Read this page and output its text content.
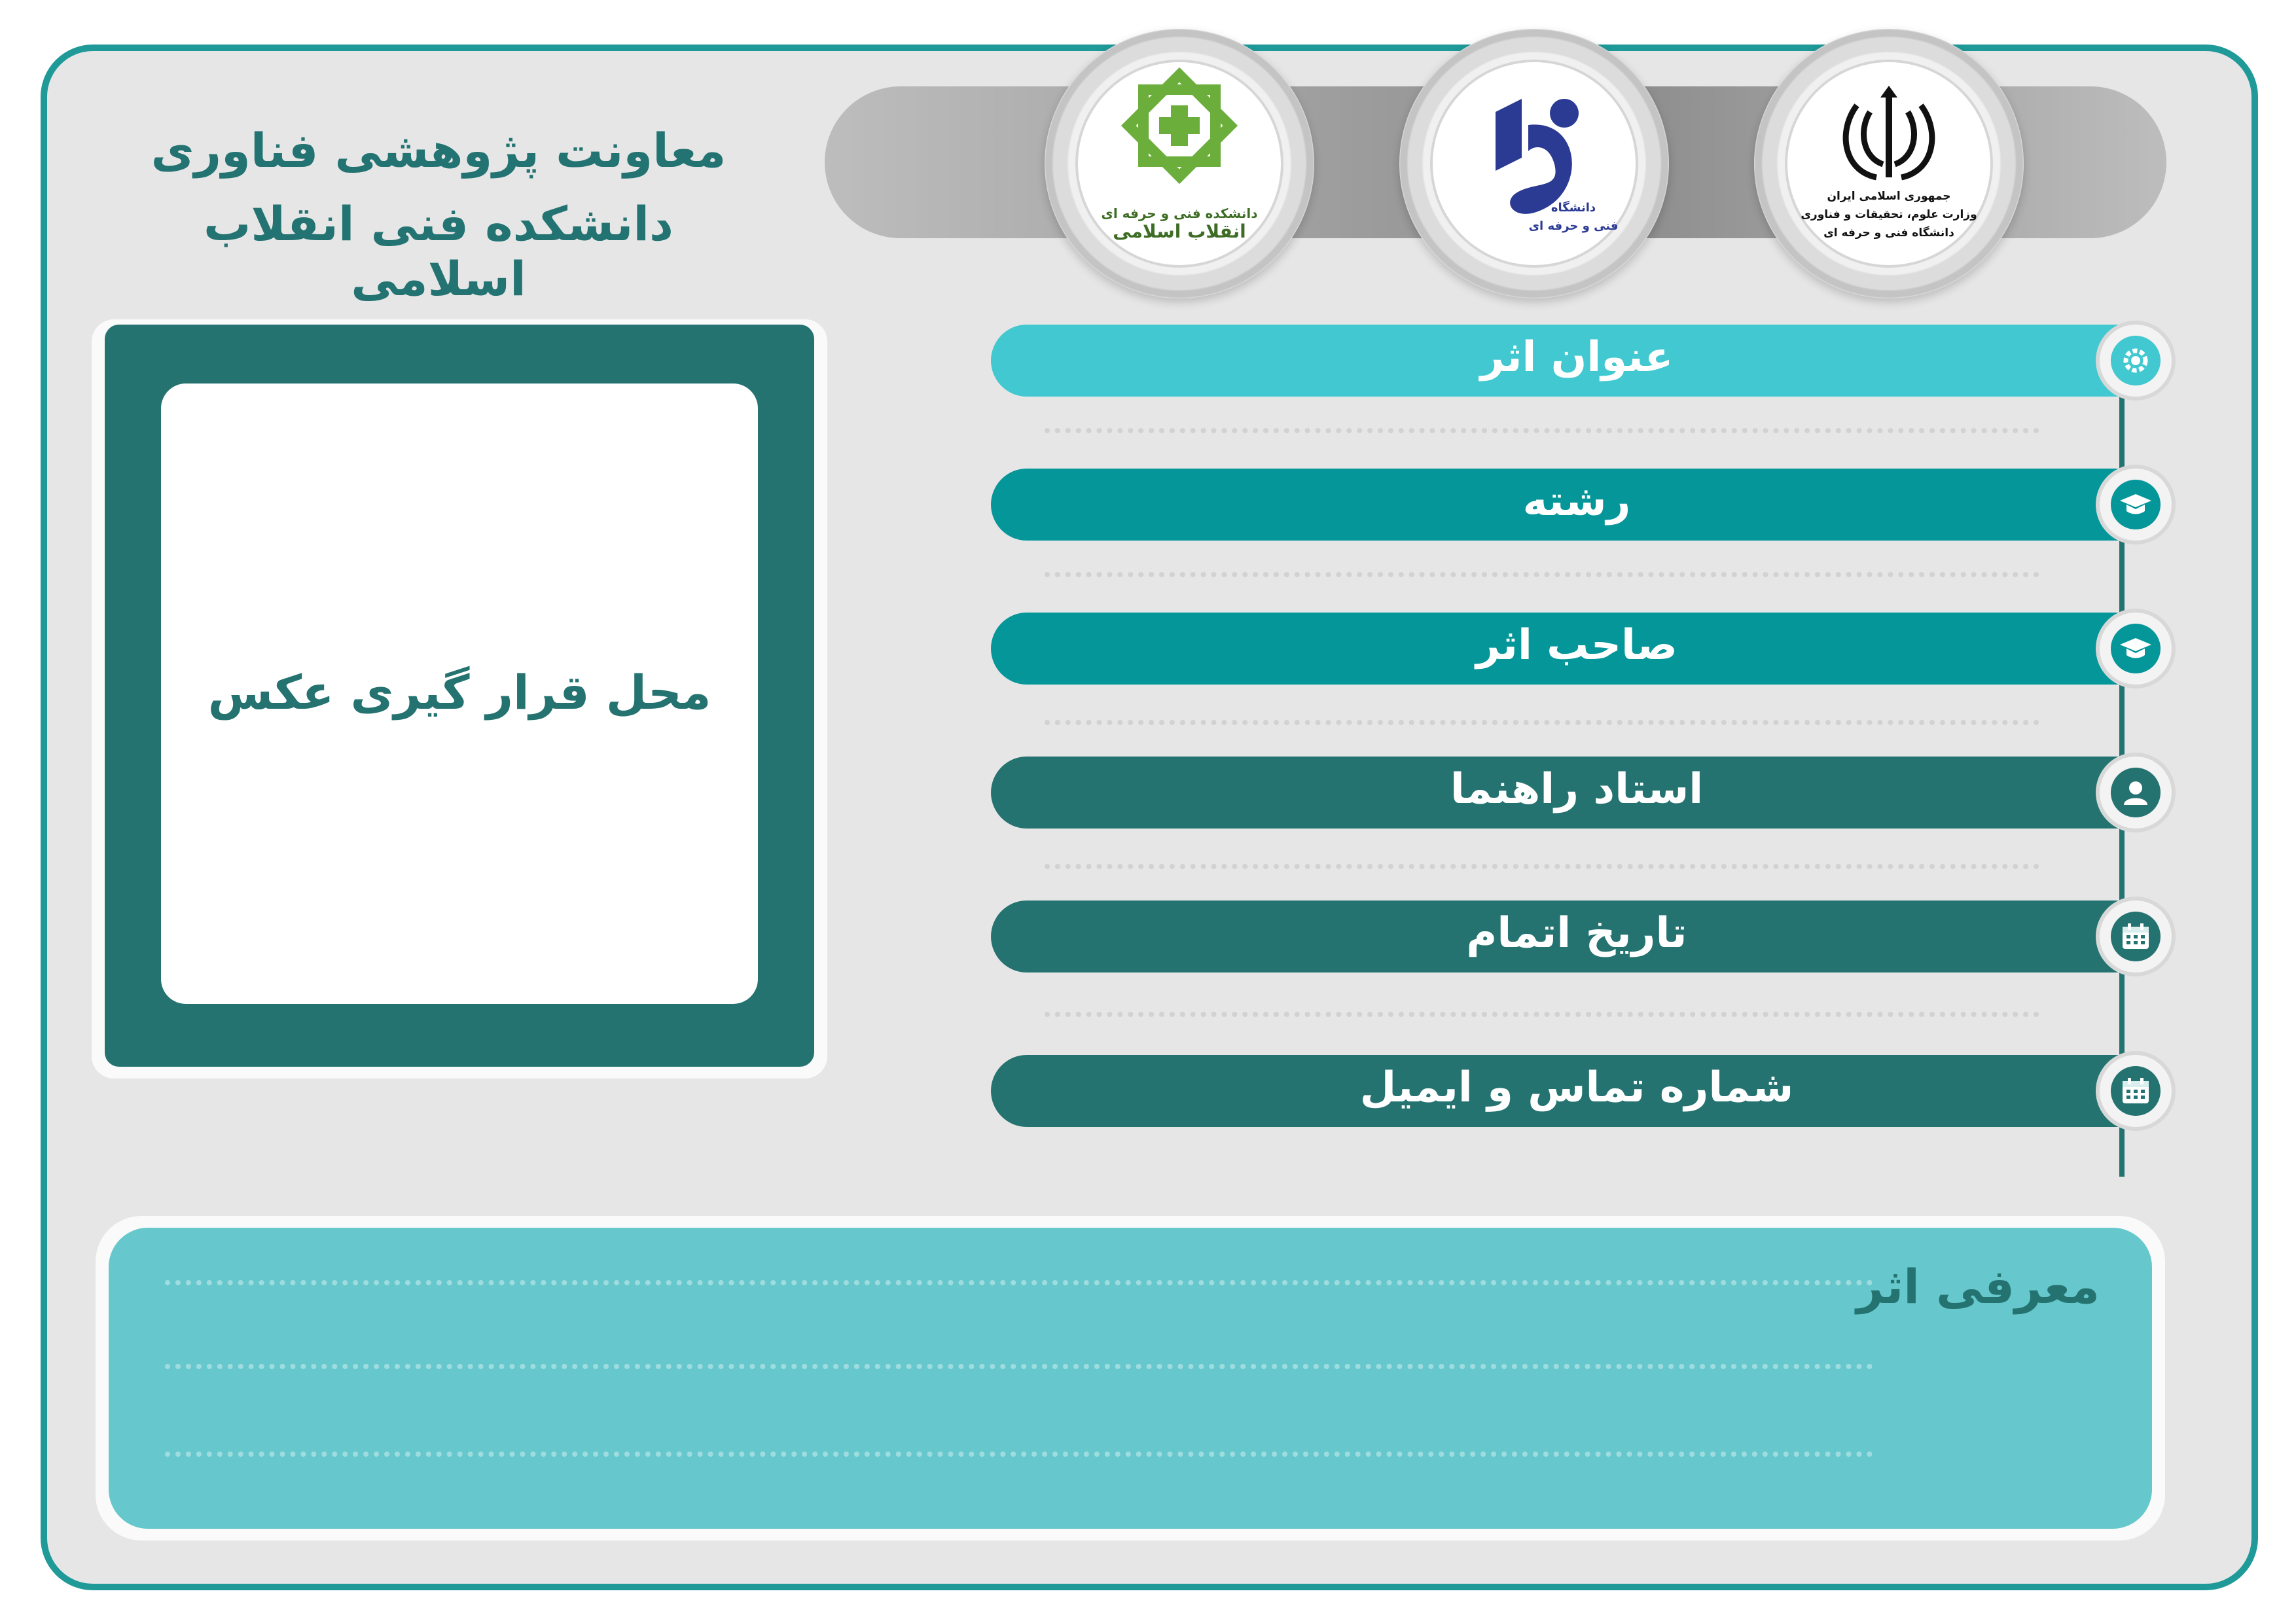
معاونت پژوهشی فناوری
دانشکده فنی انقلاب اسلامی
دانشکده فنی و حرفه ای
انقلاب اسلامی
دانشگاه
فنی و حرفه ای
جمهوری اسلامی ایران
وزارت علوم، تحقیقات و فناوری
دانشگاه فنی و حرفه ای
محل قرار گیری عکس
عنوان اثر
رشته
صاحب اثر
استاد راهنما
تاریخ اتمام
شماره تماس و ایمیل
معرفی اثر
